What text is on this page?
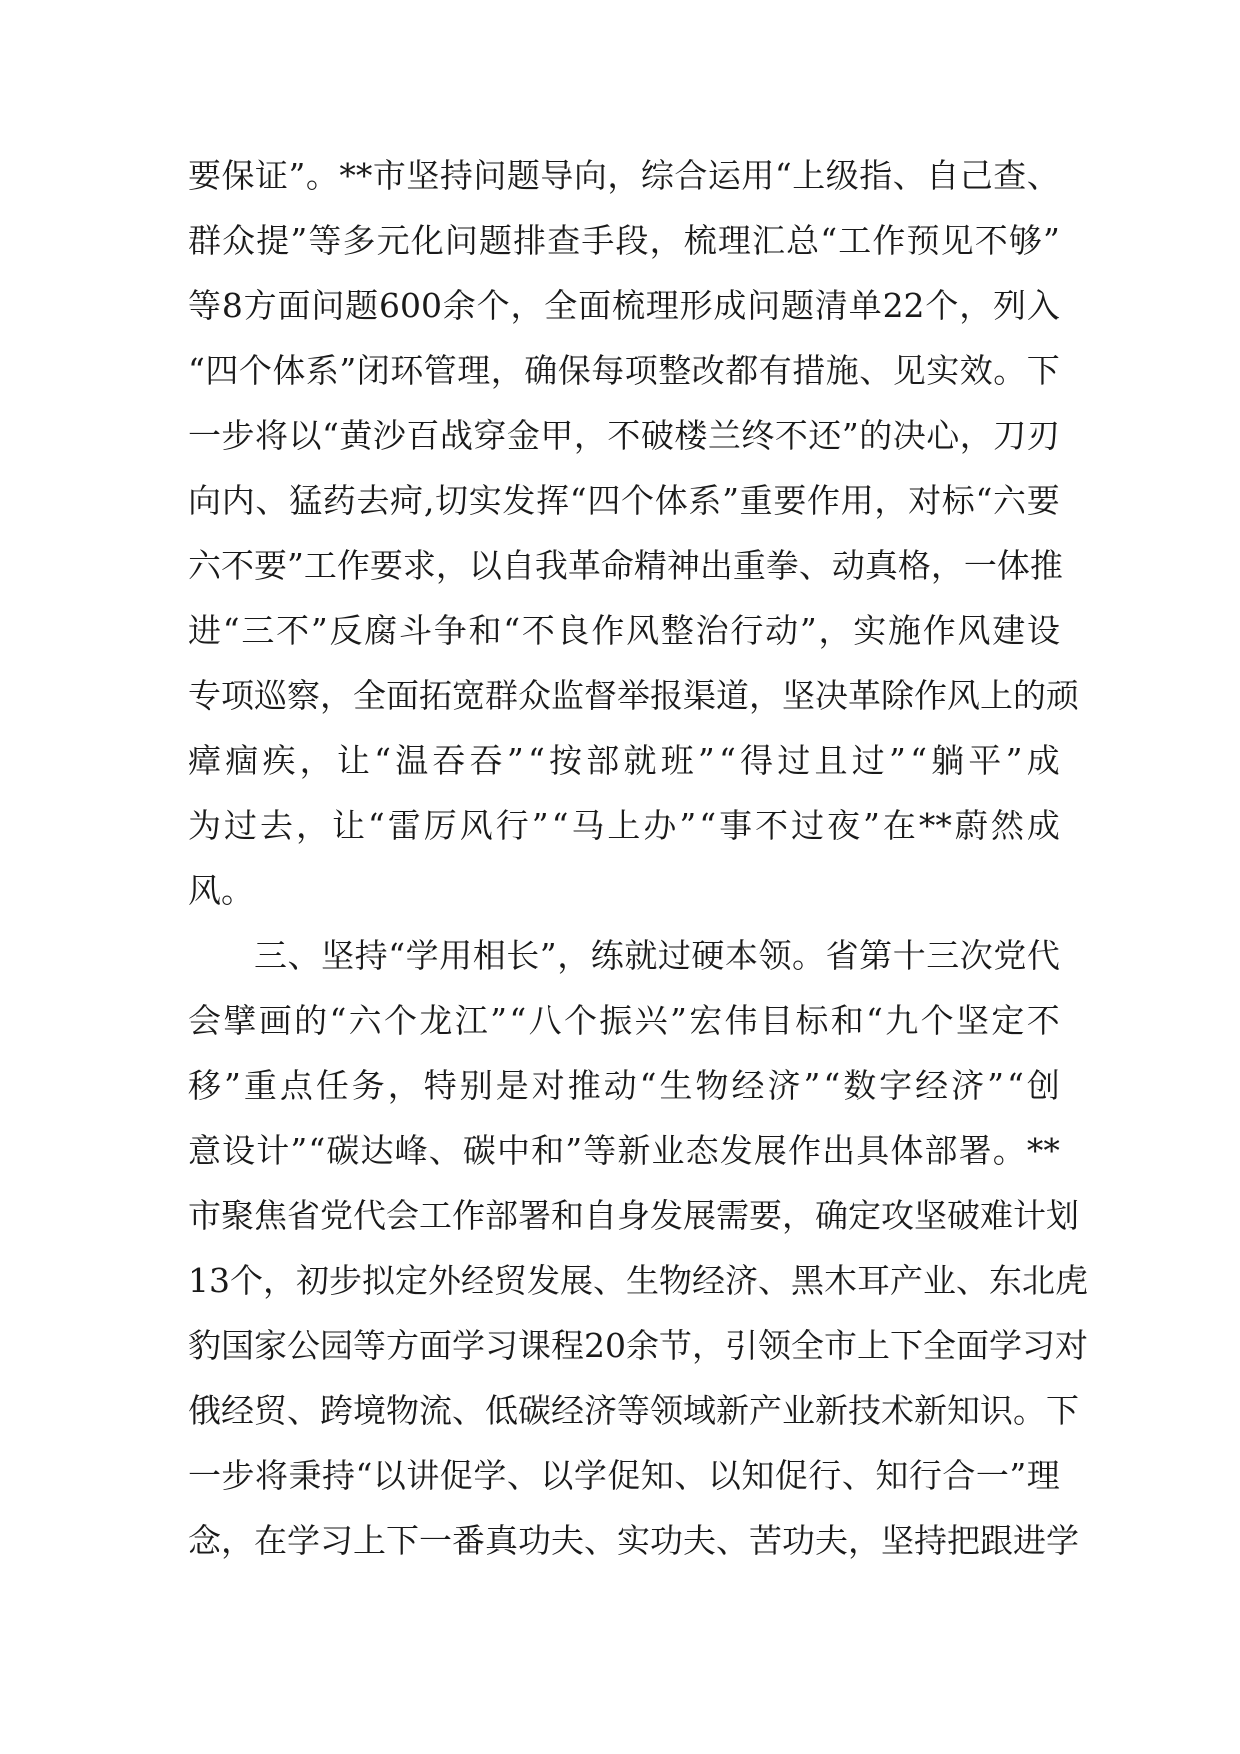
要 保 证 ” 。 ** 市 坚 持 问 题 导 向 ， 综 合 运 用 “ 上 级 指 、 自 己 查 、
群 众 提 ” 等 多 元 化 问 题 排 查 手 段 ， 梳 理 汇 总 “ 工 作 预 见 不 够 ”
等 8 方 面 问 题 600 余 个 ， 全 面 梳 理 形 成 问 题 清 单 22 个 ， 列 入
“ 四 个 体 系 ” 闭 环 管 理 ， 确 保 每 项 整 改 都 有 措 施 、 见 实 效 。 下
一 步 将 以 “ 黄 沙 百 战 穿 金 甲 ， 不 破 楼 兰 终 不 还 ” 的 决 心 ， 刀 刃
向 内 、 猛 药 去 疴 , 切 实 发 挥 “ 四 个 体 系 ” 重 要 作 用 ， 对 标 “ 六 要
六 不 要 ” 工 作 要 求 ， 以 自 我 革 命 精 神 出 重 拳 、 动 真 格 ， 一 体 推
进 “ 三 不 ” 反 腐 斗 争 和 “ 不 良 作 风 整 治 行 动 ” ， 实 施 作 风 建 设
专 项 巡 察 ， 全 面 拓 宽 群 众 监 督 举 报 渠 道 ， 坚 决 革 除 作 风 上 的 顽
瘴 痼 疾 ， 让 “ 温 吞 吞 ” “ 按 部 就 班 ” “ 得 过 且 过 ” “ 躺 平 ” 成
为 过 去 ， 让 “ 雷 厉 风 行 ” “ 马 上 办 ” “ 事 不 过 夜 ” 在 ** 蔚 然 成
风。
三 、 坚 持 “ 学 用 相 长 ” ， 练 就 过 硬 本 领 。 省 第 十 三 次 党 代
会 擘 画 的 “ 六 个 龙 江 ” “ 八 个 振 兴 ” 宏 伟 目 标 和 “ 九 个 坚 定 不
移 ” 重 点 任 务 ， 特 别 是 对 推 动 “ 生 物 经 济 ” “ 数 字 经 济 ” “ 创
意 设 计 ” “ 碳 达 峰 、 碳 中 和 ” 等 新 业 态 发 展 作 出 具 体 部 署 。 **
市 聚 焦 省 党 代 会 工 作 部 署 和 自 身 发 展 需 要 ， 确 定 攻 坚 破 难 计 划
13 个 ， 初 步 拟 定 外 经 贸 发 展 、 生 物 经 济 、 黑 木 耳 产 业 、 东 北 虎
豹 国 家 公 园 等 方 面 学 习 课 程 20 余 节 ， 引 领 全 市 上 下 全 面 学 习 对
俄 经 贸 、 跨 境 物 流 、 低 碳 经 济 等 领 域 新 产 业 新 技 术 新 知 识 。 下
一 步 将 秉 持 “ 以 讲 促 学 、 以 学 促 知 、 以 知 促 行 、 知 行 合 一 ” 理
念 ， 在 学 习 上 下 一 番 真 功 夫 、 实 功 夫 、 苦 功 夫 ， 坚 持 把 跟 进 学
